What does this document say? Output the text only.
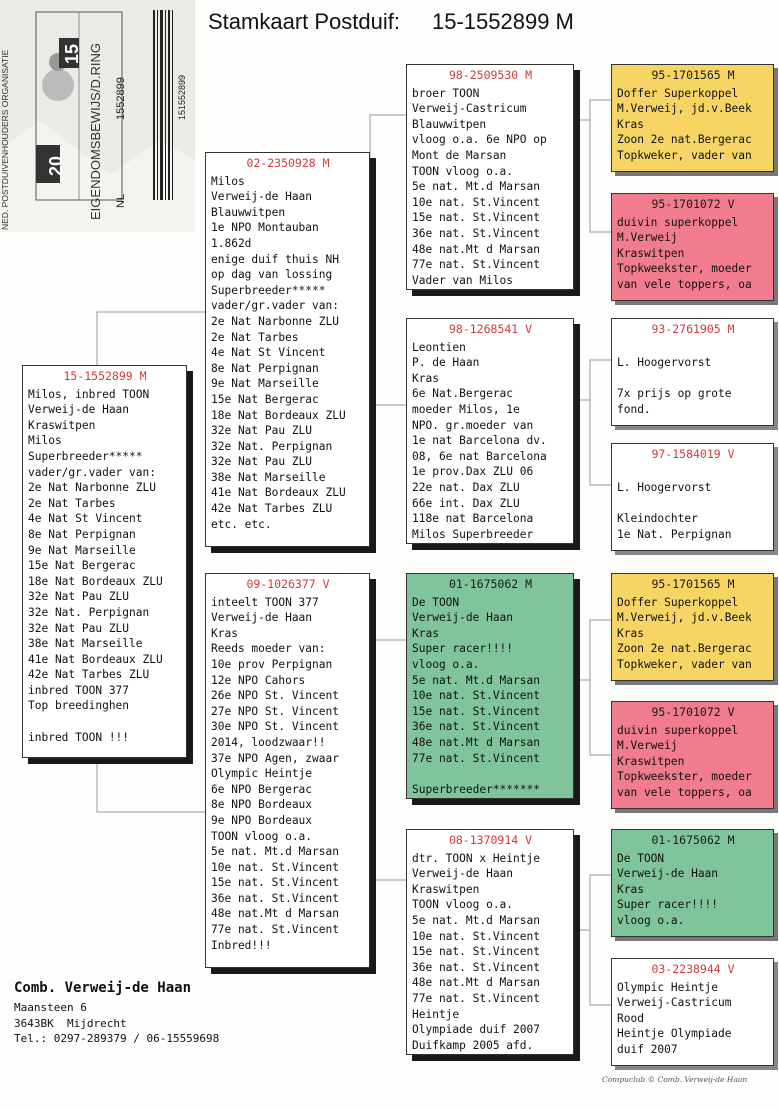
NED. POSTDUIVENHOUDERS ORGANISATIE	EIGENDOMSBEWIJS/D.RING
20
15
NL
1552899	151552899
Stamkaart Postduif: 15-1552899 M
15-1552899 M
Milos, inbred TOON
Verweij-de Haan
Kraswitpen
Milos
Superbreeder*****
vader/gr.vader van:
2e Nat Narbonne ZLU
2e Nat Tarbes
4e Nat St Vincent
8e Nat Perpignan
9e Nat Marseille
15e Nat Bergerac
18e Nat Bordeaux ZLU
32e Nat Pau ZLU
32e Nat. Perpignan
32e Nat Pau ZLU
38e Nat Marseille
41e Nat Bordeaux ZLU
42e Nat Tarbes ZLU
inbred TOON 377
Top breedinghen
inbred TOON !!!
02-2350928 M
Milos
Verweij-de Haan
Blauwwitpen
1e NPO Montauban
1.862d
enige duif thuis NH
op dag van lossing
Superbreeder*****
vader/gr.vader van:
2e Nat Narbonne ZLU
2e Nat Tarbes
4e Nat St Vincent
8e Nat Perpignan
9e Nat Marseille
15e Nat Bergerac
18e Nat Bordeaux ZLU
32e Nat Pau ZLU
32e Nat. Perpignan
32e Nat Pau ZLU
38e Nat Marseille
41e Nat Bordeaux ZLU
42e Nat Tarbes ZLU
etc. etc.
09-1026377 V
inteelt TOON 377
Verweij-de Haan
Kras
Reeds moeder van:
10e prov Perpignan
12e NPO Cahors
26e NPO St. Vincent
27e NPO St. Vincent
30e NPO St. Vincent
2014, loodzwaar!!
37e NPO Agen, zwaar
Olympic Heintje
6e NPO Bergerac
8e NPO Bordeaux
9e NPO Bordeaux
TOON vloog o.a.
5e nat. Mt.d Marsan
10e nat. St.Vincent
15e nat. St.Vincent
36e nat. St.Vincent
48e nat.Mt d Marsan
77e nat. St.Vincent
Inbred!!!
98-2509530 M
broer TOON
Verweij-Castricum
Blauwwitpen
vloog o.a. 6e NPO op
Mont de Marsan
TOON vloog o.a.
5e nat. Mt.d Marsan
10e nat. St.Vincent
15e nat. St.Vincent
36e nat. St.Vincent
48e nat.Mt d Marsan
77e nat. St.Vincent
Vader van Milos
98-1268541 V
Leontien
P. de Haan
Kras
6e Nat.Bergerac
moeder Milos, 1e
NPO. gr.moeder van
1e nat Barcelona dv.
08, 6e nat Barcelona
1e prov.Dax ZLU 06
22e nat. Dax ZLU
66e int. Dax ZLU
118e nat Barcelona
Milos Superbreeder
01-1675062 M
De TOON
Verweij-de Haan
Kras
Super racer!!!!
vloog o.a.
5e nat. Mt.d Marsan
10e nat. St.Vincent
15e nat. St.Vincent
36e nat. St.Vincent
48e nat.Mt d Marsan
77e nat. St.Vincent
Superbreeder*******
08-1370914 V
dtr. TOON x Heintje
Verweij-de Haan
Kraswitpen
TOON vloog o.a.
5e nat. Mt.d Marsan
10e nat. St.Vincent
15e nat. St.Vincent
36e nat. St.Vincent
48e nat.Mt d Marsan
77e nat. St.Vincent
Heintje
Olympiade duif 2007
Duifkamp 2005 afd.
95-1701565 M
Doffer Superkoppel
M.Verweij, jd.v.Beek
Kras
Zoon 2e nat.Bergerac
Topkweker, vader van
95-1701072 V
duivin superkoppel
M.Verweij
Kraswitpen
Topkweekster, moeder
van vele toppers, oa
93-2761905 M
L. Hoogervorst
7x prijs op grote
fond.
97-1584019 V
L. Hoogervorst
Kleindochter
1e Nat. Perpignan
95-1701565 M
Doffer Superkoppel
M.Verweij, jd.v.Beek
Kras
Zoon 2e nat.Bergerac
Topkweker, vader van
95-1701072 V
duivin superkoppel
M.Verweij
Kraswitpen
Topkweekster, moeder
van vele toppers, oa
01-1675062 M
De TOON
Verweij-de Haan
Kras
Super racer!!!!
vloog o.a.
03-2238944 V
Olympic Heintje
Verweij-Castricum
Rood
Heintje Olympiade
duif 2007
Comb. Verweij-de Haan
Maansteen 6
3643BK  Mijdrecht
Tel.: 0297-289379 / 06-15559698
Compuclub © Comb. Verweij-de Haan
